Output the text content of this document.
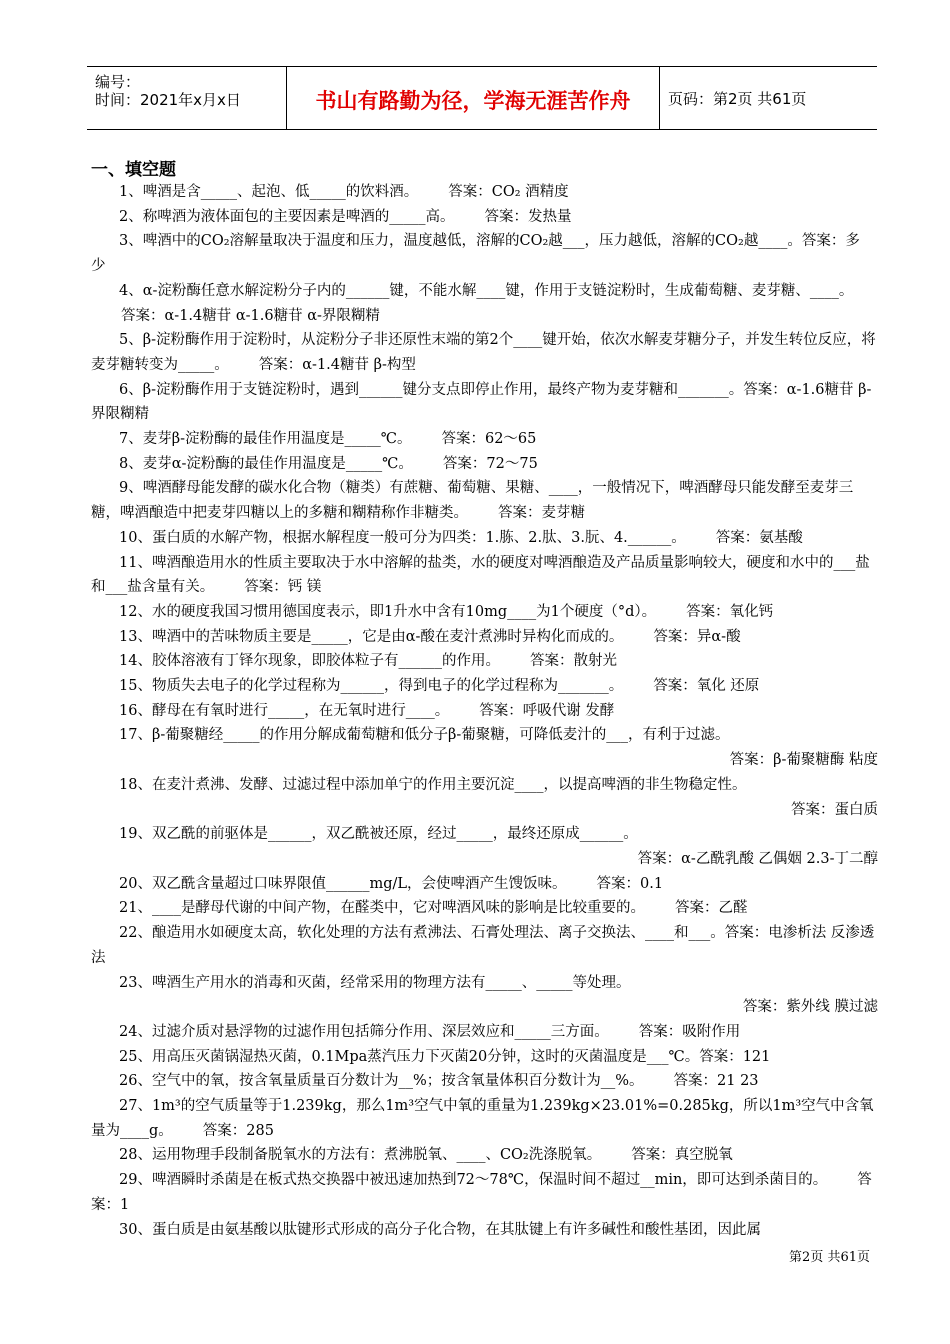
编号：
时间：2021年x月x日	书山有路勤为径，学海无涯苦作舟	页码：第2页 共61页
一、填空题
1、啤酒是含_____、起泡、低_____的饮料酒。 答案：CO₂ 酒精度
2、称啤酒为液体面包的主要因素是啤酒的_____高。 答案：发热量
3、啤酒中的CO₂溶解量取决于温度和压力，温度越低，溶解的CO₂越___，压力越低，溶解的CO₂越____。答案：多 少
4、α-淀粉酶任意水解淀粉分子内的______键，不能水解____键，作用于支链淀粉时，生成葡萄糖、麦芽糖、____。答案：α-1.4糖苷 α-1.6糖苷 α-界限糊精
5、β-淀粉酶作用于淀粉时，从淀粉分子非还原性末端的第2个____键开始，依次水解麦芽糖分子，并发生转位反应，将麦芽糖转变为_____。 答案：α-1.4糖苷 β-构型
6、β-淀粉酶作用于支链淀粉时，遇到______键分支点即停止作用，最终产物为麦芽糖和_______。答案：α-1.6糖苷 β-界限糊精
7、麦芽β-淀粉酶的最佳作用温度是_____℃。 答案：62～65
8、麦芽α-淀粉酶的最佳作用温度是_____℃。 答案：72～75
9、啤酒酵母能发酵的碳水化合物（糖类）有蔗糖、葡萄糖、果糖、____，一般情况下，啤酒酵母只能发酵至麦芽三糖，啤酒酿造中把麦芽四糖以上的多糖和糊精称作非糖类。 答案：麦芽糖
10、蛋白质的水解产物，根据水解程度一般可分为四类：1.胨、2.肽、3.朊、4.______。 答案：氨基酸
11、啤酒酿造用水的性质主要取决于水中溶解的盐类，水的硬度对啤酒酿造及产品质量影响较大，硬度和水中的___盐和___盐含量有关。 答案：钙 镁
12、水的硬度我国习惯用德国度表示，即1升水中含有10mg____为1个硬度（°d）。 答案：氧化钙
13、啤酒中的苦味物质主要是_____，它是由α-酸在麦汁煮沸时异构化而成的。 答案：异α-酸
14、胶体溶液有丁铎尔现象，即胶体粒子有______的作用。 答案：散射光
15、物质失去电子的化学过程称为______，得到电子的化学过程称为_______。 答案：氧化 还原
16、酵母在有氧时进行_____，在无氧时进行____。 答案：呼吸代谢 发酵
17、β-葡聚糖经_____的作用分解成葡萄糖和低分子β-葡聚糖，可降低麦汁的___，有利于过滤。
答案：β-葡聚糖酶 粘度
18、在麦汁煮沸、发酵、过滤过程中添加单宁的作用主要沉淀____，以提高啤酒的非生物稳定性。
答案：蛋白质
19、双乙酰的前驱体是______，双乙酰被还原，经过_____，最终还原成______。
答案：α-乙酰乳酸 乙偶姻 2.3-丁二醇
20、双乙酰含量超过口味界限值______mg/L，会使啤酒产生馊饭味。 答案：0.1
21、____是酵母代谢的中间产物，在醛类中，它对啤酒风味的影响是比较重要的。 答案：乙醛
22、酿造用水如硬度太高，软化处理的方法有煮沸法、石膏处理法、离子交换法、____和___。答案：电渗析法 反渗透法
23、啤酒生产用水的消毒和灭菌，经常采用的物理方法有_____、_____等处理。
答案：紫外线 膜过滤
24、过滤介质对悬浮物的过滤作用包括筛分作用、深层效应和_____三方面。 答案：吸附作用
25、用高压灭菌锅湿热灭菌，0.1Mpa蒸汽压力下灭菌20分钟，这时的灭菌温度是___℃。答案：121
26、空气中的氧，按含氧量质量百分数计为__%；按含氧量体积百分数计为__%。 答案：21 23
27、1m³的空气质量等于1.239kg，那么1m³空气中氧的重量为1.239kg×23.01%=0.285kg，所以1m³空气中含氧量为____g。 答案：285
28、运用物理手段制备脱氧水的方法有：煮沸脱氧、____、CO₂洗涤脱氧。 答案：真空脱氧
29、啤酒瞬时杀菌是在板式热交换器中被迅速加热到72～78℃，保温时间不超过__min，即可达到杀菌目的。 答案：1
30、蛋白质是由氨基酸以肽键形式形成的高分子化合物，在其肽键上有许多碱性和酸性基团，因此属
第2页 共61页
